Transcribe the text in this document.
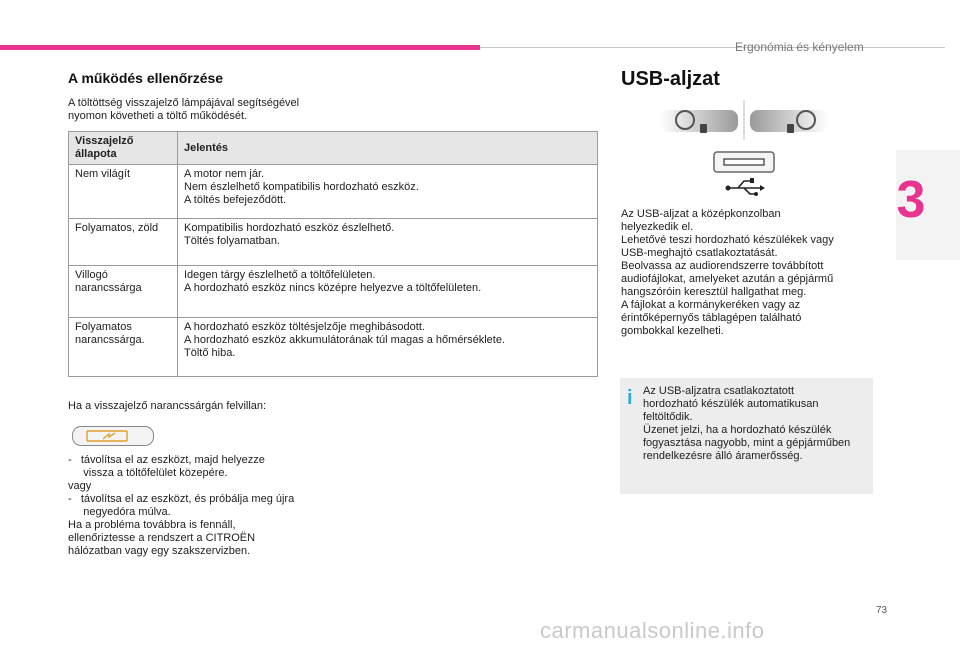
Ergonómia és kényelem
3
A működés ellenőrzése
A töltöttség visszajelző lámpájával segítségével
nyomon követheti a töltő működését.
Visszajelző
állapota	Jelentés

Nem világít	A motor nem jár.
Nem észlelhető kompatibilis hordozható eszköz.
A töltés befejeződött.

Folyamatos, zöld	Kompatibilis hordozható eszköz észlelhető.
Töltés folyamatban.

Villogó
narancssárga	Idegen tárgy észlelhető a töltőfelületen.
A hordozható eszköz nincs középre helyezve a töltőfelületen.

Folyamatos
narancssárga.	A hordozható eszköz töltésjelzője meghibásodott.
A hordozható eszköz akkumulátorának túl magas a hőmérséklete.
Töltő hiba.
Ha a visszajelző narancssárgán felvillan:
-   távolítsa el az eszközt, majd helyezze
vissza a töltőfelület közepére.
vagy
-   távolítsa el az eszközt, és próbálja meg újra
negyedóra múlva.
Ha a probléma továbbra is fennáll,
ellenőriztesse a rendszert a CITROËN
hálózatban vagy egy szakszervizben.
USB-aljzat
Az USB-aljzat a középkonzolban
helyezkedik el.
Lehetővé teszi hordozható készülékek vagy
USB-meghajtó csatlakoztatását.
Beolvassa az audiorendszerre továbbított
audiofájlokat, amelyeket azután a gépjármű
hangszóróin keresztül hallgathat meg.
A fájlokat a kormánykeréken vagy az
érintőképernyős táblagépen található
gombokkal kezelheti.
i Az USB-aljzatra csatlakoztatott
hordozható készülék automatikusan
feltöltődik.
Üzenet jelzi, ha a hordozható készülék
fogyasztása nagyobb, mint a gépjárműben
rendelkezésre álló áramerősség.
73
carmanualsonline.info
